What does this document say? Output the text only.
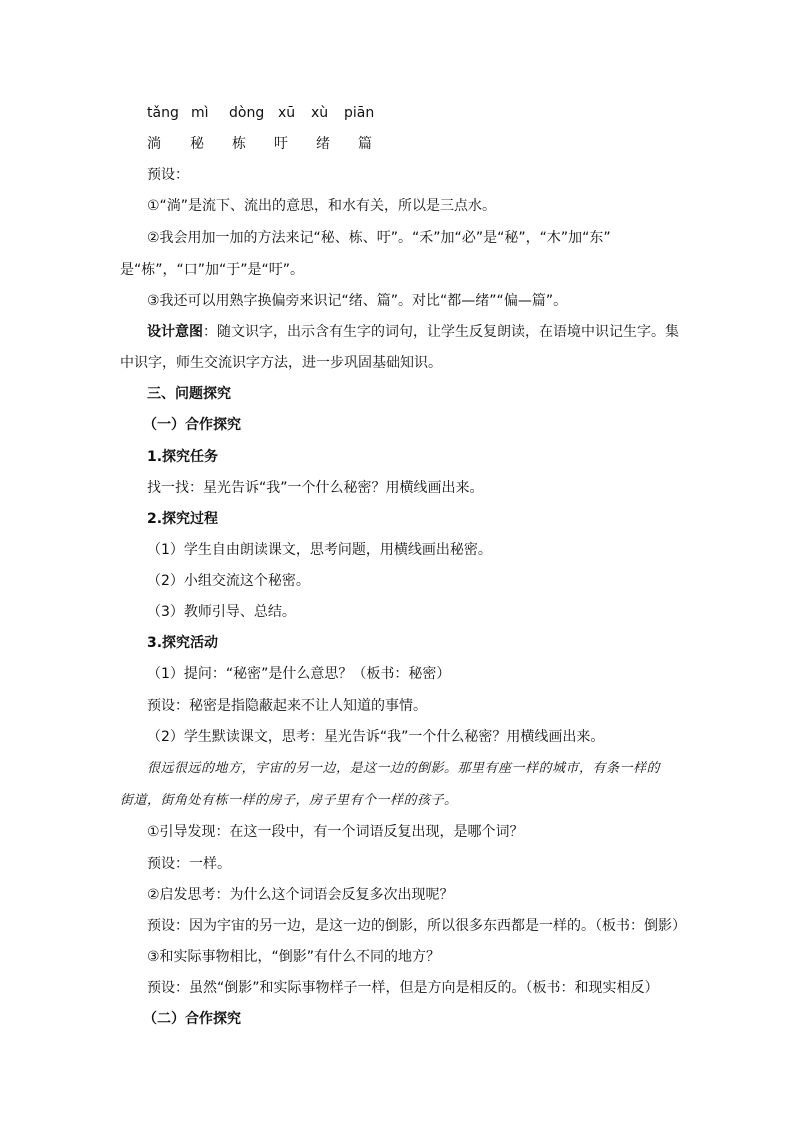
tǎng mì dòng xū xù piān
淌 秘 栋 吁 绪 篇
预设：
①“淌”是流下、流出的意思，和水有关，所以是三点水。
②我会用加一加的方法来记“秘、栋、吁”。“禾”加“必”是“秘”，“木”加“东”
是“栋”，“口”加“于”是“吁”。
③我还可以用熟字换偏旁来识记“绪、篇”。对比“都—绪”“偏—篇”。
设计意图：随文识字，出示含有生字的词句，让学生反复朗读，在语境中识记生字。集
中识字，师生交流识字方法，进一步巩固基础知识。
三、问题探究
（一）合作探究
1.探究任务
找一找：星光告诉“我”一个什么秘密？用横线画出来。
2.探究过程
（1）学生自由朗读课文，思考问题，用横线画出秘密。
（2）小组交流这个秘密。
（3）教师引导、总结。
3.探究活动
（1）提问：“秘密”是什么意思？（板书：秘密）
预设：秘密是指隐蔽起来不让人知道的事情。
（2）学生默读课文，思考：星光告诉“我”一个什么秘密？用横线画出来。
很远很远的地方，宇宙的另一边，是这一边的倒影。那里有座一样的城市，有条一样的
街道，街角处有栋一样的房子，房子里有个一样的孩子。
①引导发现：在这一段中，有一个词语反复出现，是哪个词？
预设：一样。
②启发思考：为什么这个词语会反复多次出现呢？
预设：因为宇宙的另一边，是这一边的倒影，所以很多东西都是一样的。（板书：倒影）
③和实际事物相比，“倒影”有什么不同的地方？
预设：虽然“倒影”和实际事物样子一样，但是方向是相反的。（板书：和现实相反）
（二）合作探究
